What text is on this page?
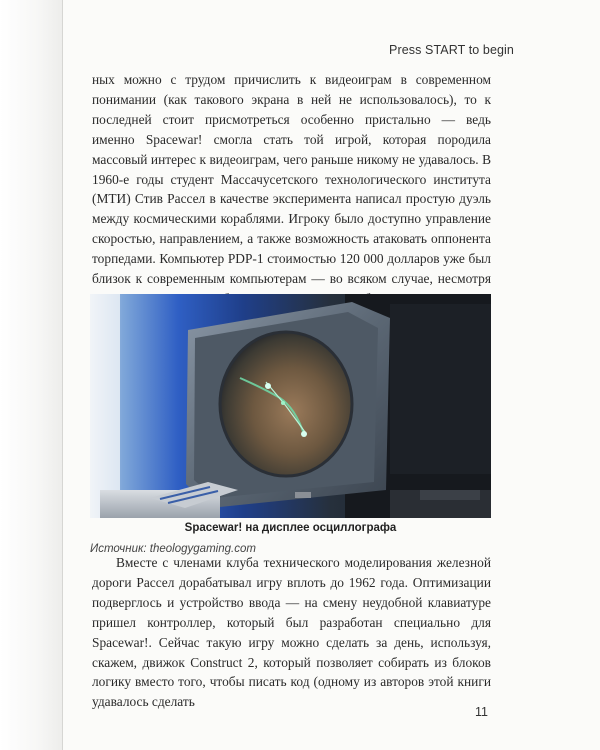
Press START to begin

ных можно с трудом причислить к видеоиграм в современном понимании (как такового экрана в ней не использовалось), то к последней стоит присмотреться особенно пристально — ведь именно Spacewar! смогла стать той игрой, которая породила массовый интерес к видеоиграм, чего раньше никому не удавалось. В 1960-е годы студент Массачусетского технологического института (МТИ) Стив Рассел в качестве эксперимента написал простую дуэль между космическими кораблями. Игроку было доступно управление скоростью, направлением, а также возможность атаковать оппонента торпедами. Компьютер PDP-1 стоимостью 120 000 долларов уже был близок к современным компьютерам — во всяком случае, несмотря

Spacewar! на дисплее осциллографа
Источник: theologygaming.com

Вместе с членами клуба технического моделирования железной дороги Рассел дорабатывал игру вплоть до 1962 года. Оптимизации подверглось и устройство ввода — на смену неудобной клавиатуре пришел контроллер, который был разработан специально для Spacewar!. Сейчас такую игру можно сделать за день, используя, скажем, движок Construct 2, который позволяет собирать из блоков логику вместо того, чтобы писать код (одному из авторов этой книги удавалось сделать

11
